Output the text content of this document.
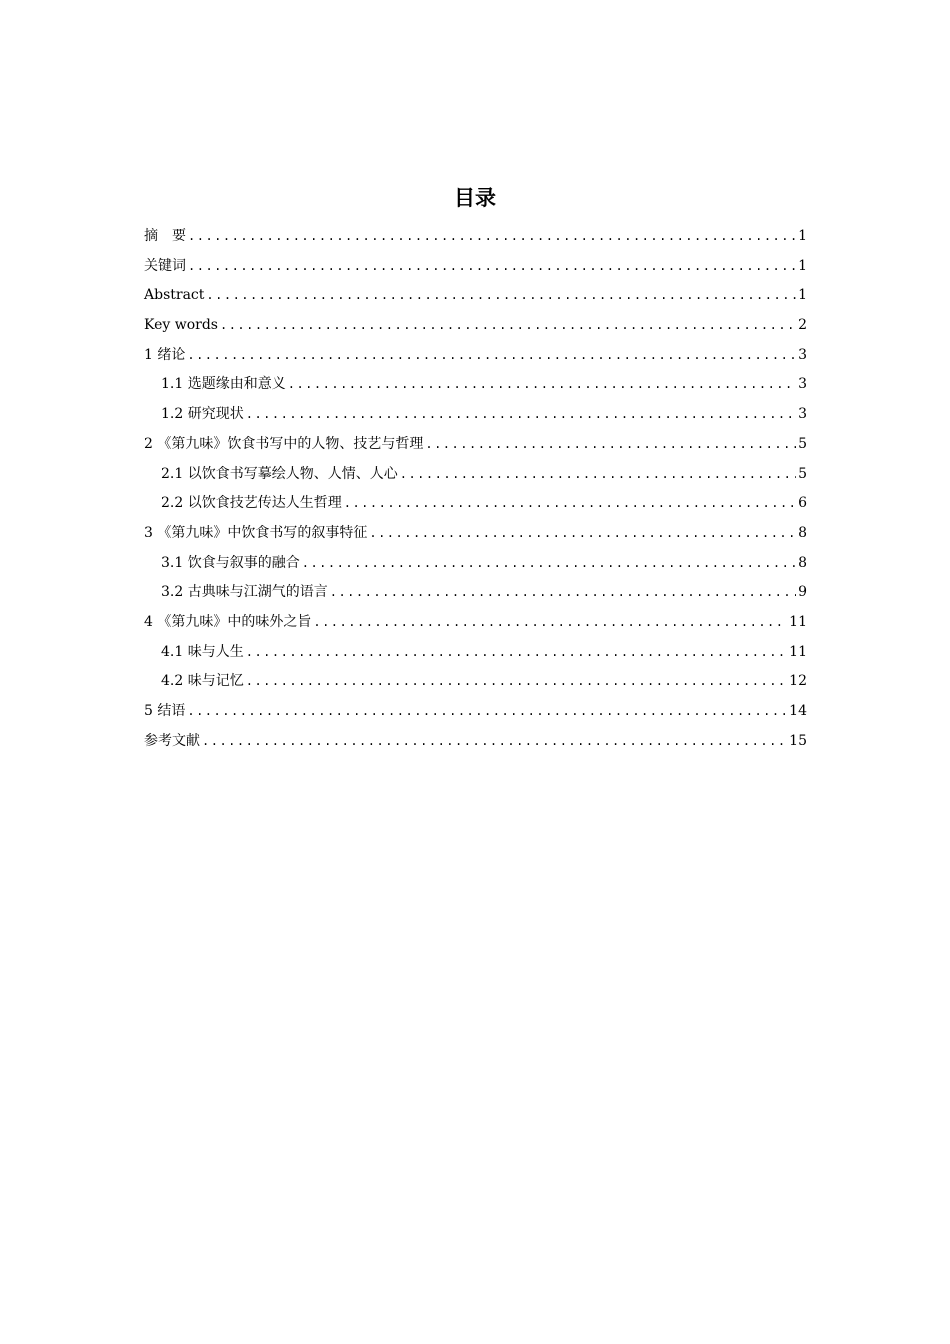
目录
摘　要 .....	1
关键词 .....	1
Abstract .....	1
Key words .....	2
1 绪论 .....	3
1.1 选题缘由和意义 .....	3
1.2 研究现状 .....	3
2 《第九味》饮食书写中的人物、技艺与哲理 .....	5
2.1 以饮食书写摹绘人物、人情、人心 .....	5
2.2 以饮食技艺传达人生哲理 .....	6
3 《第九味》中饮食书写的叙事特征 .....	8
3.1 饮食与叙事的融合 .....	8
3.2 古典味与江湖气的语言 .....	9
4 《第九味》中的味外之旨 .....	11
4.1 味与人生 .....	11
4.2 味与记忆 .....	12
5 结语 .....	14
参考文献 .....	15
